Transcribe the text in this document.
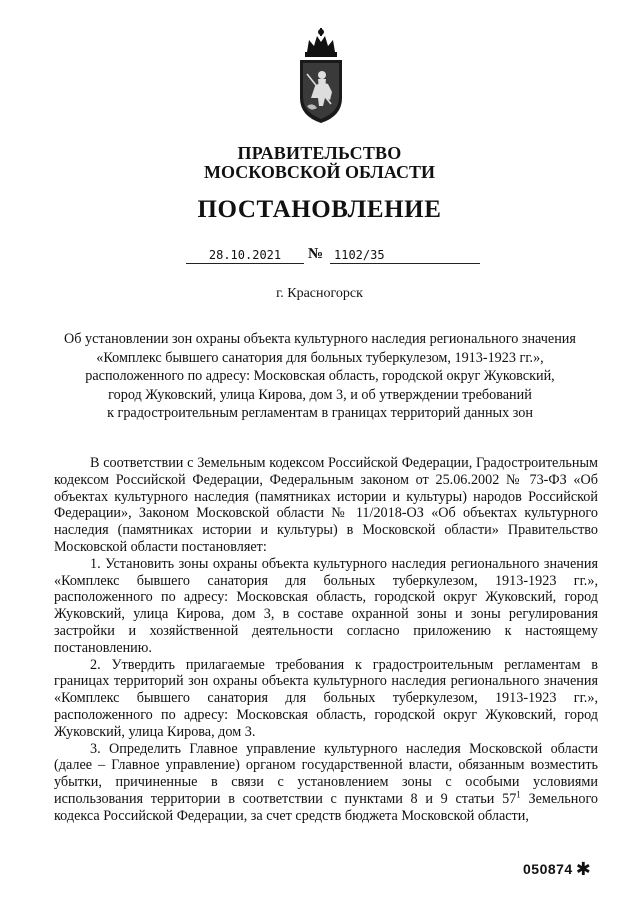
ПРАВИТЕЛЬСТВО
МОСКОВСКОЙ ОБЛАСТИ
ПОСТАНОВЛЕНИЕ
28.10.2021	№ 1102/35
г. Красногорск
Об установлении зон охраны объекта культурного наследия регионального значения
«Комплекс бывшего санатория для больных туберкулезом, 1913-1923 гг.»,
расположенного по адресу: Московская область, городской округ Жуковский,
город Жуковский, улица Кирова, дом 3, и об утверждении требований
к градостроительным регламентам в границах территорий данных зон

В соответствии с Земельным кодексом Российской Федерации, Градостроительным кодексом Российской Федерации, Федеральным законом от 25.06.2002 № 73-ФЗ «Об объектах культурного наследия (памятниках истории и культуры) народов Российской Федерации», Законом Московской области № 11/2018-ОЗ «Об объектах культурного наследия (памятниках истории и культуры) в Московской области» Правительство Московской области постановляет:

1. Установить зоны охраны объекта культурного наследия регионального значения «Комплекс бывшего санатория для больных туберкулезом, 1913-1923 гг.», расположенного по адресу: Московская область, городской округ Жуковский, город Жуковский, улица Кирова, дом 3, в составе охранной зоны и зоны регулирования застройки и хозяйственной деятельности согласно приложению к настоящему постановлению.

2. Утвердить прилагаемые требования к градостроительным регламентам в границах территорий зон охраны объекта культурного наследия регионального значения «Комплекс бывшего санатория для больных туберкулезом, 1913-1923 гг.», расположенного по адресу: Московская область, городской округ Жуковский, город Жуковский, улица Кирова, дом 3.

3. Определить Главное управление культурного наследия Московской области (далее – Главное управление) органом государственной власти, обязанным возместить убытки, причиненные в связи с установлением зоны с особыми условиями использования территории в соответствии с пунктами 8 и 9 статьи $57^1$ Земельного кодекса Российской Федерации, за счет средств бюджета Московской области,

050874 ✱
